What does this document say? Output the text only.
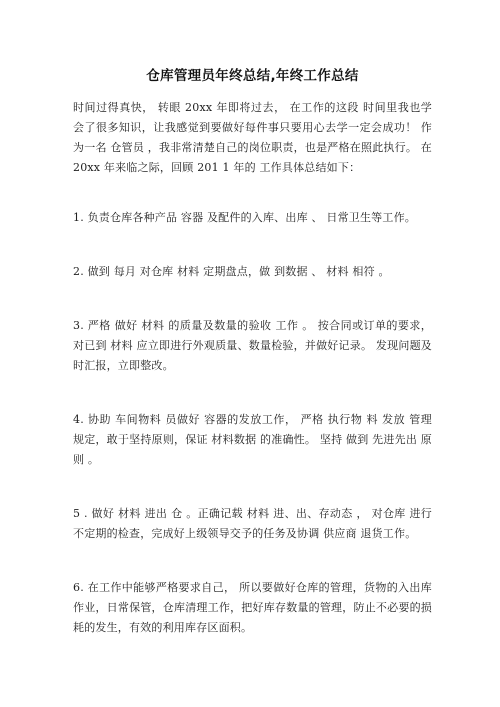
仓库管理员年终总结,年终工作总结

时间过得真快， 转眼 20xx 年即将过去， 在工作的这段 时间里我也学会了很多知识，让我感觉到要做好每件事只要用心去学一定会成功！ 作为一名 仓管员 ，我非常清楚自己的岗位职责，也是严格在照此执行。 在 20xx 年来临之际，回顾 201 1 年的 工作具体总结如下：

1. 负责仓库各种产品 容器 及配件的入库、出库 、 日常卫生等工作。

2. 做到 每月 对仓库 材料 定期盘点，做 到数据 、 材料 相符 。

3. 严格 做好 材料 的质量及数量的验收 工作 。 按合同或订单的要求，对已到 材料 应立即进行外观质量、数量检验，并做好记录。 发现问题及时汇报，立即整改。

4. 协助 车间物料 员做好 容器的发放工作， 严格 执行物 料 发放 管理 规定，敢于坚持原则，保证 材料数据 的准确性。 坚持 做到 先进先出 原则 。

5 . 做好 材料 进出 仓 。正确记载 材料 进、出、存动态 ， 对仓库 进行 不定期的检查，完成好上级领导交予的任务及协调 供应商 退货工作。

6. 在工作中能够严格要求自己， 所以要做好仓库的管理，货物的入出库作业，日常保管，仓库清理工作，把好库存数量的管理，防止不必要的损耗的发生，有效的利用库存区面积。
